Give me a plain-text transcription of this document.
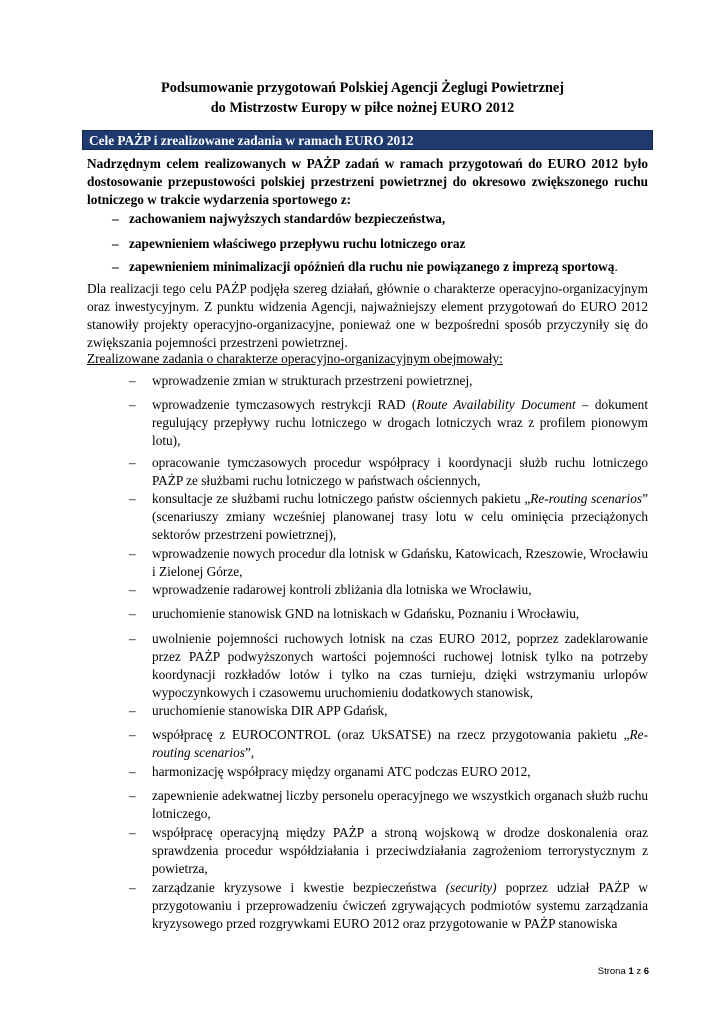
Podsumowanie przygotowań Polskiej Agencji Żeglugi Powietrznej
do Mistrzostw Europy w piłce nożnej EURO 2012
Cele PAŻP i zrealizowane zadania w ramach EURO 2012
Nadrzędnym celem realizowanych w PAŻP zadań w ramach przygotowań do EURO 2012 było dostosowanie przepustowości polskiej przestrzeni powietrznej do okresowo zwiększonego ruchu lotniczego w trakcie wydarzenia sportowego z:
– zachowaniem najwyższych standardów bezpieczeństwa,
– zapewnieniem właściwego przepływu ruchu lotniczego oraz
– zapewnieniem minimalizacji opóźnień dla ruchu nie powiązanego z imprezą sportową.
Dla realizacji tego celu PAŻP podjęła szereg działań, głównie o charakterze operacyjno-organizacyjnym oraz inwestycyjnym. Z punktu widzenia Agencji, najważniejszy element przygotowań do EURO 2012 stanowiły projekty operacyjno-organizacyjne, ponieważ one w bezpośredni sposób przyczyniły się do zwiększania pojemności przestrzeni powietrznej.
Zrealizowane zadania o charakterze operacyjno-organizacyjnym obejmowały:
– wprowadzenie zmian w strukturach przestrzeni powietrznej,
– wprowadzenie tymczasowych restrykcji RAD (Route Availability Document – dokument regulujący przepływy ruchu lotniczego w drogach lotniczych wraz z profilem pionowym lotu),
– opracowanie tymczasowych procedur współpracy i koordynacji służb ruchu lotniczego PAŻP ze służbami ruchu lotniczego w państwach ościennych,
– konsultacje ze służbami ruchu lotniczego państw ościennych pakietu „Re-routing scenarios” (scenariuszy zmiany wcześniej planowanej trasy lotu w celu ominięcia przeciążonych sektorów przestrzeni powietrznej),
– wprowadzenie nowych procedur dla lotnisk w Gdańsku, Katowicach, Rzeszowie, Wrocławiu i Zielonej Górze,
– wprowadzenie radarowej kontroli zbliżania dla lotniska we Wrocławiu,
– uruchomienie stanowisk GND na lotniskach w Gdańsku, Poznaniu i Wrocławiu,
– uwolnienie pojemności ruchowych lotnisk na czas EURO 2012, poprzez zadeklarowanie przez PAŻP podwyższonych wartości pojemności ruchowej lotnisk tylko na potrzeby koordynacji rozkładów lotów i tylko na czas turnieju, dzięki wstrzymaniu urlopów wypoczynkowych i czasowemu uruchomieniu dodatkowych stanowisk,
– uruchomienie stanowiska DIR APP Gdańsk,
– współpracę z EUROCONTROL (oraz UkSATSE) na rzecz przygotowania pakietu „Re-routing scenarios”,
– harmonizację współpracy między organami ATC podczas EURO 2012,
– zapewnienie adekwatnej liczby personelu operacyjnego we wszystkich organach służb ruchu lotniczego,
– współpracę operacyjną między PAŻP a stroną wojskową w drodze doskonalenia oraz sprawdzenia procedur współdziałania i przeciwdziałania zagrożeniom terrorystycznym z powietrza,
– zarządzanie kryzysowe i kwestie bezpieczeństwa (security) poprzez udział PAŻP w przygotowaniu i przeprowadzeniu ćwiczeń zgrywających podmiotów systemu zarządzania kryzysowego przed rozgrywkami EURO 2012 oraz przygotowanie w PAŻP stanowiska
Strona 1 z 6
